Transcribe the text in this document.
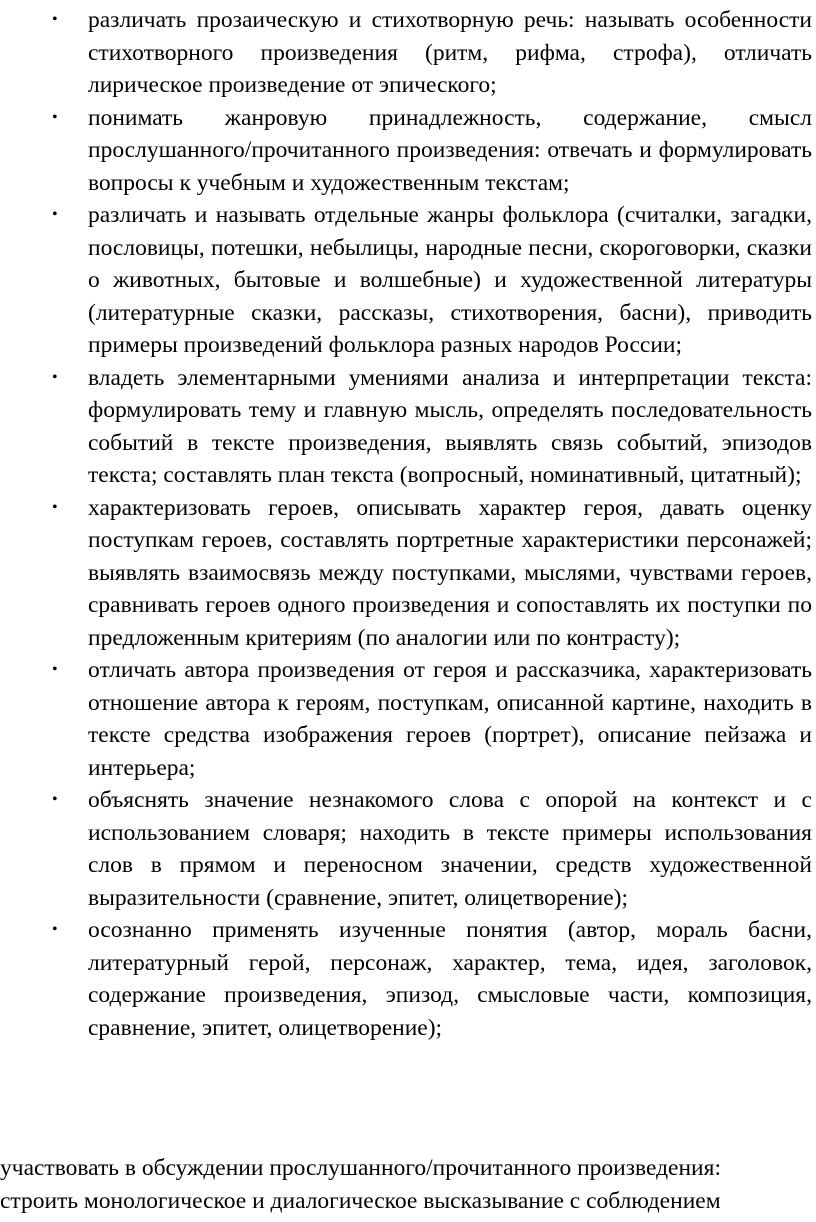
• различать прозаическую и стихотворную речь: называть особенности стихотворного произведения (ритм, рифма, строфа), отличать лирическое произведение от эпического;
• понимать жанровую принадлежность, содержание, смысл прослушанного/прочитанного произведения: отвечать и формулировать вопросы к учебным и художественным текстам;
• различать и называть отдельные жанры фольклора (считалки, загадки, пословицы, потешки, небылицы, народные песни, скороговорки, сказки о животных, бытовые и волшебные) и художественной литературы (литературные сказки, рассказы, стихотворения, басни), приводить примеры произведений фольклора разных народов России;
• владеть элементарными умениями анализа и интерпретации текста: формулировать тему и главную мысль, определять последовательность событий в тексте произведения, выявлять связь событий, эпизодов текста; составлять план текста (вопросный, номинативный, цитатный);
• характеризовать героев, описывать характер героя, давать оценку поступкам героев, составлять портретные характеристики персонажей; выявлять взаимосвязь между поступками, мыслями, чувствами героев, сравнивать героев одного произведения и сопоставлять их поступки по предложенным критериям (по аналогии или по контрасту);
• отличать автора произведения от героя и рассказчика, характеризовать отношение автора к героям, поступкам, описанной картине, находить в тексте средства изображения героев (портрет), описание пейзажа и интерьера;
• объяснять значение незнакомого слова с опорой на контекст и с использованием словаря; находить в тексте примеры использования слов в прямом и переносном значении, средств художественной выразительности (сравнение, эпитет, олицетворение);
• осознанно применять изученные понятия (автор, мораль басни, литературный герой, персонаж, характер, тема, идея, заголовок, содержание произведения, эпизод, смысловые части, композиция, сравнение, эпитет, олицетворение);
участвовать в обсуждении прослушанного/прочитанного произведения:
строить монологическое и диалогическое высказывание с соблюдением
